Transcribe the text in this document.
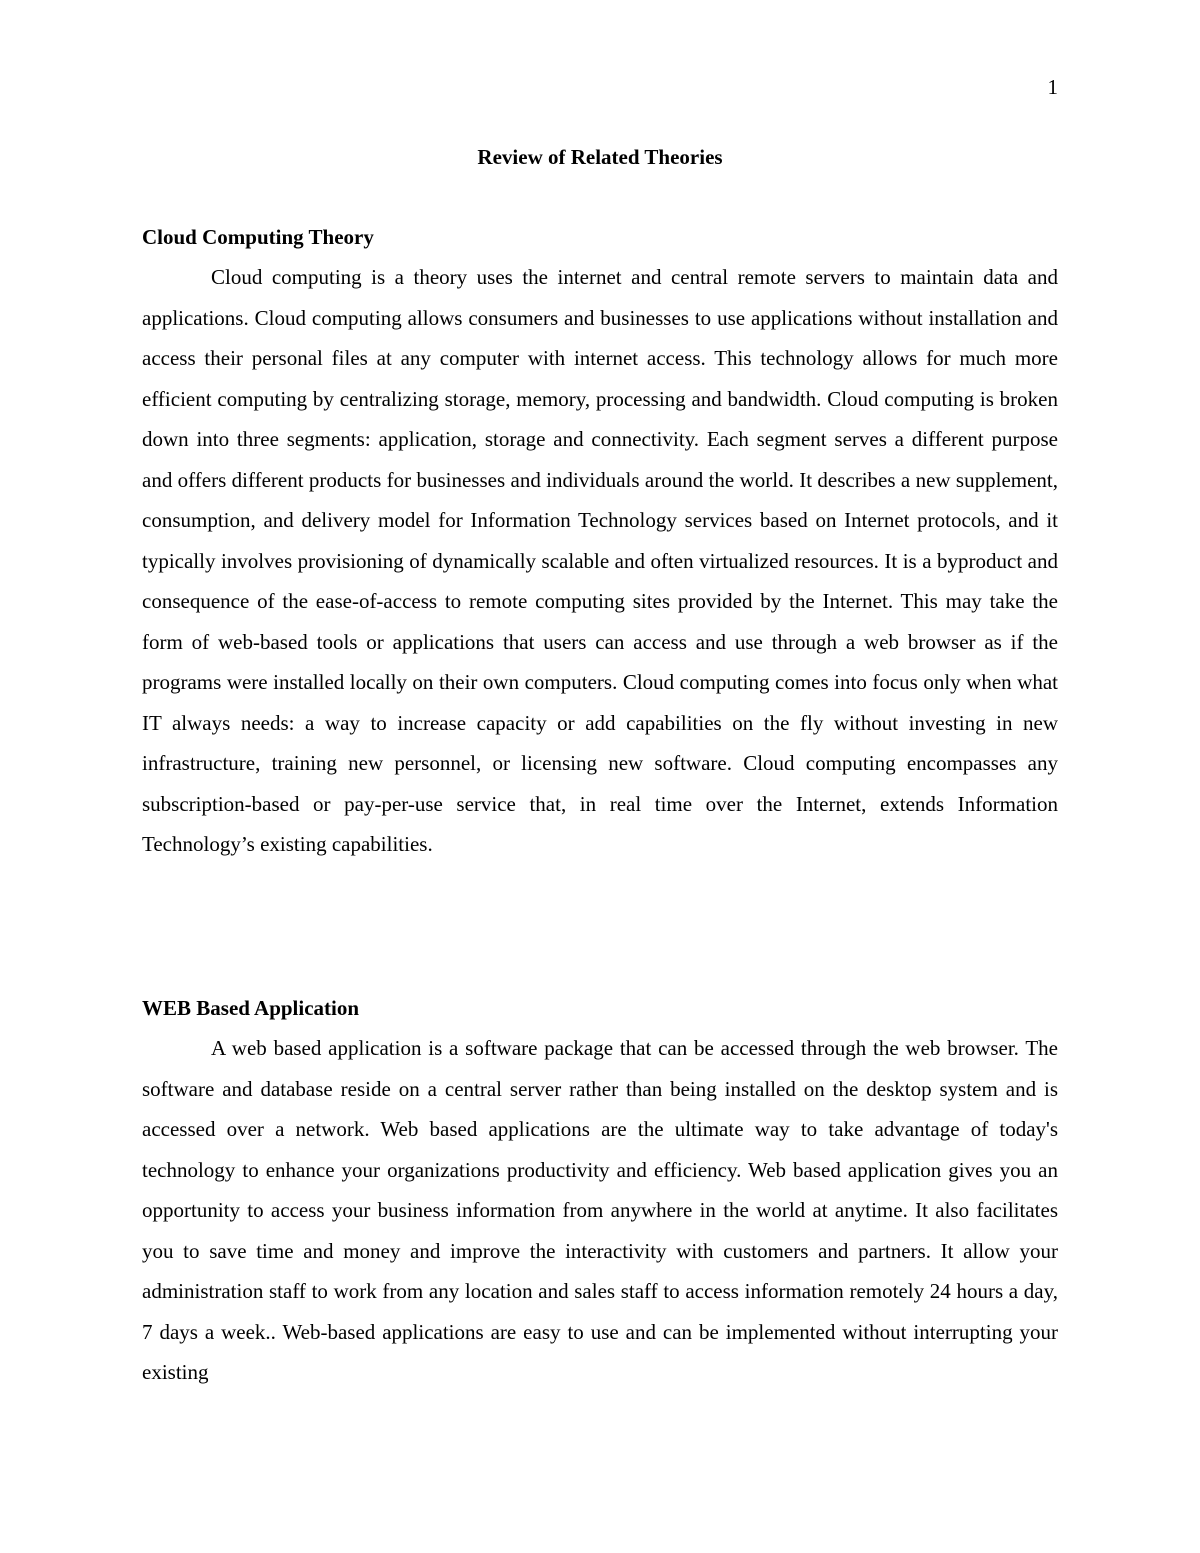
1
Review of Related Theories
Cloud Computing Theory

Cloud computing is a theory uses the internet and central remote servers to maintain data and applications. Cloud computing allows consumers and businesses to use applications without installation and access their personal files at any computer with internet access. This technology allows for much more efficient computing by centralizing storage, memory, processing and bandwidth. Cloud computing is broken down into three segments: application, storage and connectivity. Each segment serves a different purpose and offers different products for businesses and individuals around the world. It describes a new supplement, consumption, and delivery model for Information Technology services based on Internet protocols, and it typically involves provisioning of dynamically scalable and often virtualized resources. It is a byproduct and consequence of the ease-of-access to remote computing sites provided by the Internet. This may take the form of web-based tools or applications that users can access and use through a web browser as if the programs were installed locally on their own computers. Cloud computing comes into focus only when what IT always needs: a way to increase capacity or add capabilities on the fly without investing in new infrastructure, training new personnel, or licensing new software. Cloud computing encompasses any subscription-based or pay-per-use service that, in real time over the Internet, extends Information Technology’s existing capabilities.

WEB Based Application

A web based application is a software package that can be accessed through the web browser. The software and database reside on a central server rather than being installed on the desktop system and is accessed over a network. Web based applications are the ultimate way to take advantage of today's technology to enhance your organizations productivity and efficiency. Web based application gives you an opportunity to access your business information from anywhere in the world at anytime. It also facilitates you to save time and money and improve the interactivity with customers and partners. It allow your administration staff to work from any location and sales staff to access information remotely 24 hours a day, 7 days a week.. Web-based applications are easy to use and can be implemented without interrupting your existing
